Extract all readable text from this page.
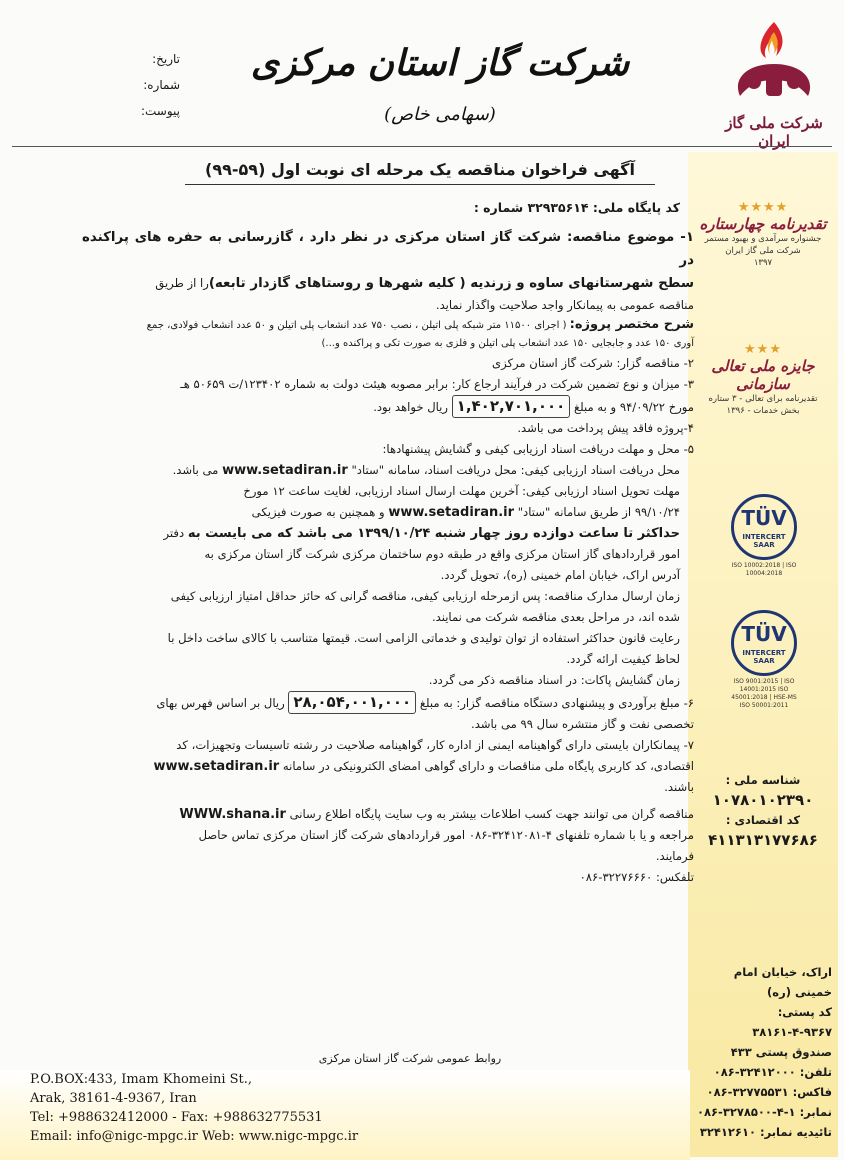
شرکت ملی گاز ایران
شرکت گاز استان مرکزی
(سهامی خاص)
تاریخ:
شماره:
پیوست:
★★★★
تقدیرنامه چهارستاره
جشنواره سرآمدی و بهبود مستمر شرکت ملی گاز ایران
۱۳۹۷
★★★
جایزه ملی تعالی سازمانی
تقدیرنامه برای تعالی - ۳ ستاره
بخش خدمات - ۱۳۹۶
TÜV
INTERCERT SAAR
ISO 10002:2018 | ISO 10004:2018
TÜV
INTERCERT SAAR
ISO 9001:2015 | ISO 14001:2015 ISO 45001:2018 | HSE-MS ISO 50001:2011
شناسه ملی :
۱۰۷۸۰۱۰۲۳۹۰
کد اقتصادی :
۴۱۱۳۱۳۱۷۷۶۸۶
اراک، خیابان امام خمینی (ره)
کد پستی: ۹۳۶۷-۴-۳۸۱۶۱
صندوق پستی ۴۳۳
تلفن: ۳۲۴۱۲۰۰۰-۰۸۶
فاکس: ۳۲۷۷۵۵۳۱-۰۸۶
نمابر: ۱-۴-۳۲۷۸۵۰۰-۰۸۶
تائیدیه نمابر: ۳۲۴۱۲۶۱۰
آگهی فراخوان مناقصه یک مرحله ای نوبت اول (۵۹-۹۹)
کد پایگاه ملی: ۳۲۹۳۵۶۱۴ شماره :

۱- موضوع مناقصه: شرکت گاز استان مرکزی در نظر دارد ، گازرسانی به حفره های پراکنده در

سطح شهرستانهای ساوه و زرندیه ( کلیه شهرها و روستاهای گازدار تابعه)را از طریق

مناقصه عمومی به پیمانکار واجد صلاحیت واگذار نماید.

شرح مختصر پروژه: ( اجرای ۱۱۵۰۰ متر شبکه پلی اتیلن ، نصب ۷۵۰ عدد انشعاب پلی اتیلن و ۵۰ عدد انشعاب فولادی، جمع

آوری ۱۵۰ عدد و جابجایی ۱۵۰ عدد انشعاب پلی اتیلن و فلزی به صورت تکی و پراکنده و...)

۲- مناقصه گزار: شرکت گاز استان مرکزی

۳- میزان و نوع تضمین شرکت در فرآیند ارجاع کار: برابر مصوبه هیئت دولت به شماره ۱۲۳۴۰۲/ت ۵۰۶۵۹ هـ

مورخ ۹۴/۰۹/۲۲ و به مبلغ ۱,۴۰۲,۷۰۱,۰۰۰ ریال خواهد بود.

۴-پروژه فاقد پیش پرداخت می باشد.

۵- محل و مهلت دریافت اسناد ارزیابی کیفی و گشایش پیشنهادها:

محل دریافت اسناد ارزیابی کیفی: محل دریافت اسناد، سامانه "ستاد" www.setadiran.ir می باشد.

مهلت تحویل اسناد ارزیابی کیفی: آخرین مهلت ارسال اسناد ارزیابی، لغایت ساعت ۱۲ مورخ

۹۹/۱۰/۲۴ از طریق سامانه "ستاد" www.setadiran.ir و همچنین به صورت فیزیکی

حداکثر تا ساعت دوازده روز چهار شنبه ۱۳۹۹/۱۰/۲۴ می باشد که می بایست به دفتر

امور قراردادهای گاز استان مرکزی واقع در طبقه دوم ساختمان مرکزی شرکت گاز استان مرکزی به

آدرس اراک، خیابان امام خمینی (ره)، تحویل گردد.

زمان ارسال مدارک مناقصه: پس ازمرحله ارزیابی کیفی، مناقصه گرانی که حائز حداقل امتیاز ارزیابی کیفی

شده اند، در مراحل بعدی مناقصه شرکت می نمایند.

رعایت قانون حداکثر استفاده از توان تولیدی و خدماتی الزامی است. قیمتها متناسب با کالای ساخت داخل با

لحاظ کیفیت ارائه گردد.

زمان گشایش پاکات: در اسناد مناقصه ذکر می گردد.

۶- مبلغ برآوردی و پیشنهادی دستگاه مناقصه گزار: به مبلغ ۲۸,۰۵۴,۰۰۱,۰۰۰ ریال بر اساس فهرس بهای

تخصصی نفت و گاز منتشره سال ۹۹ می باشد.

۷- پیمانکاران بایستی دارای گواهینامه ایمنی از اداره کار، گواهینامه صلاحیت در رشته تاسیسات وتجهیزات، کد

اقتصادی، کد کاربری پایگاه ملی مناقصات و دارای گواهی امضای الکترونیکی در سامانه www.setadiran.ir

باشند.

مناقصه گران می توانند جهت کسب اطلاعات بیشتر به وب سایت پایگاه اطلاع رسانی WWW.shana.ir

مراجعه و یا با شماره تلفنهای ۴-۳۲۴۱۲۰۸۱-۰۸۶ امور قراردادهای شرکت گاز استان مرکزی تماس حاصل

فرمایند.

تلفکس: ۳۲۲۷۶۶۶۰-۰۸۶

روابط عمومی شرکت گاز استان مرکزی
P.O.BOX:433, Imam Khomeini St.,
Arak, 38161-4-9367, Iran
Tel: +988632412000 - Fax: +988632775531
Email: info@nigc-mpgc.ir Web: www.nigc-mpgc.ir
